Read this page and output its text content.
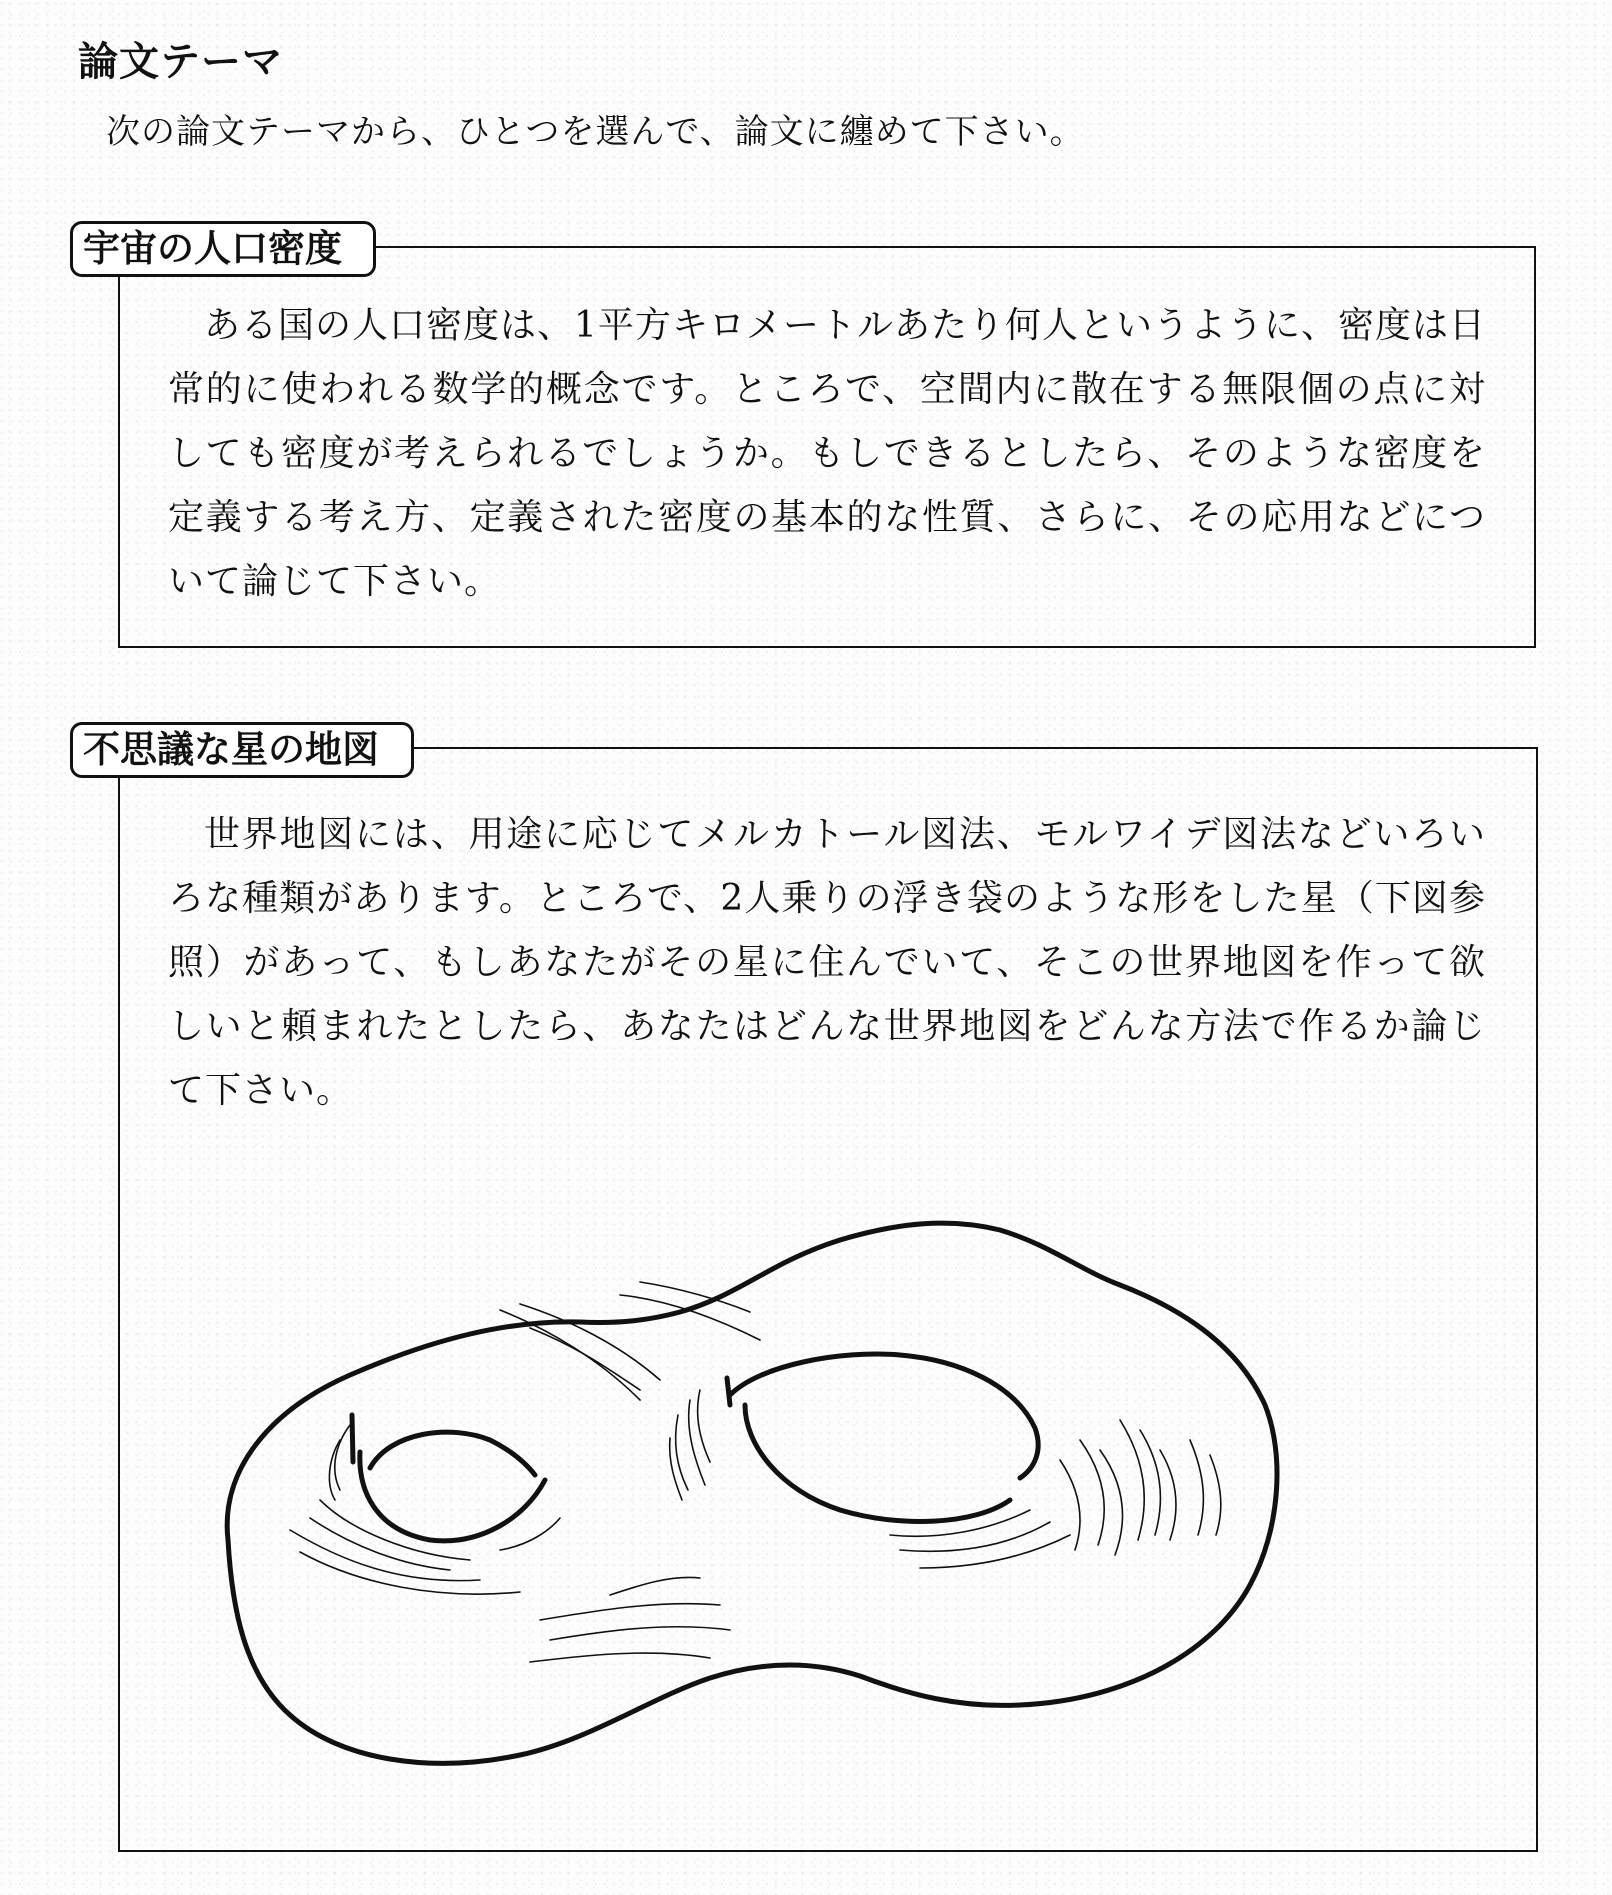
論文テーマ
次の論文テーマから、ひとつを選んで、論文に纏めて下さい。
宇宙の人口密度
ある国の人口密度は、1平方キロメートルあたり何人というように、密度は日常的に使われる数学的概念です。ところで、空間内に散在する無限個の点に対しても密度が考えられるでしょうか。もしできるとしたら、そのような密度を定義する考え方、定義された密度の基本的な性質、さらに、その応用などについて論じて下さい。
不思議な星の地図
世界地図には、用途に応じてメルカトール図法、モルワイデ図法などいろいろな種類があります。ところで、2人乗りの浮き袋のような形をした星（下図参照）があって、もしあなたがその星に住んでいて、そこの世界地図を作って欲しいと頼まれたとしたら、あなたはどんな世界地図をどんな方法で作るか論じて下さい。
